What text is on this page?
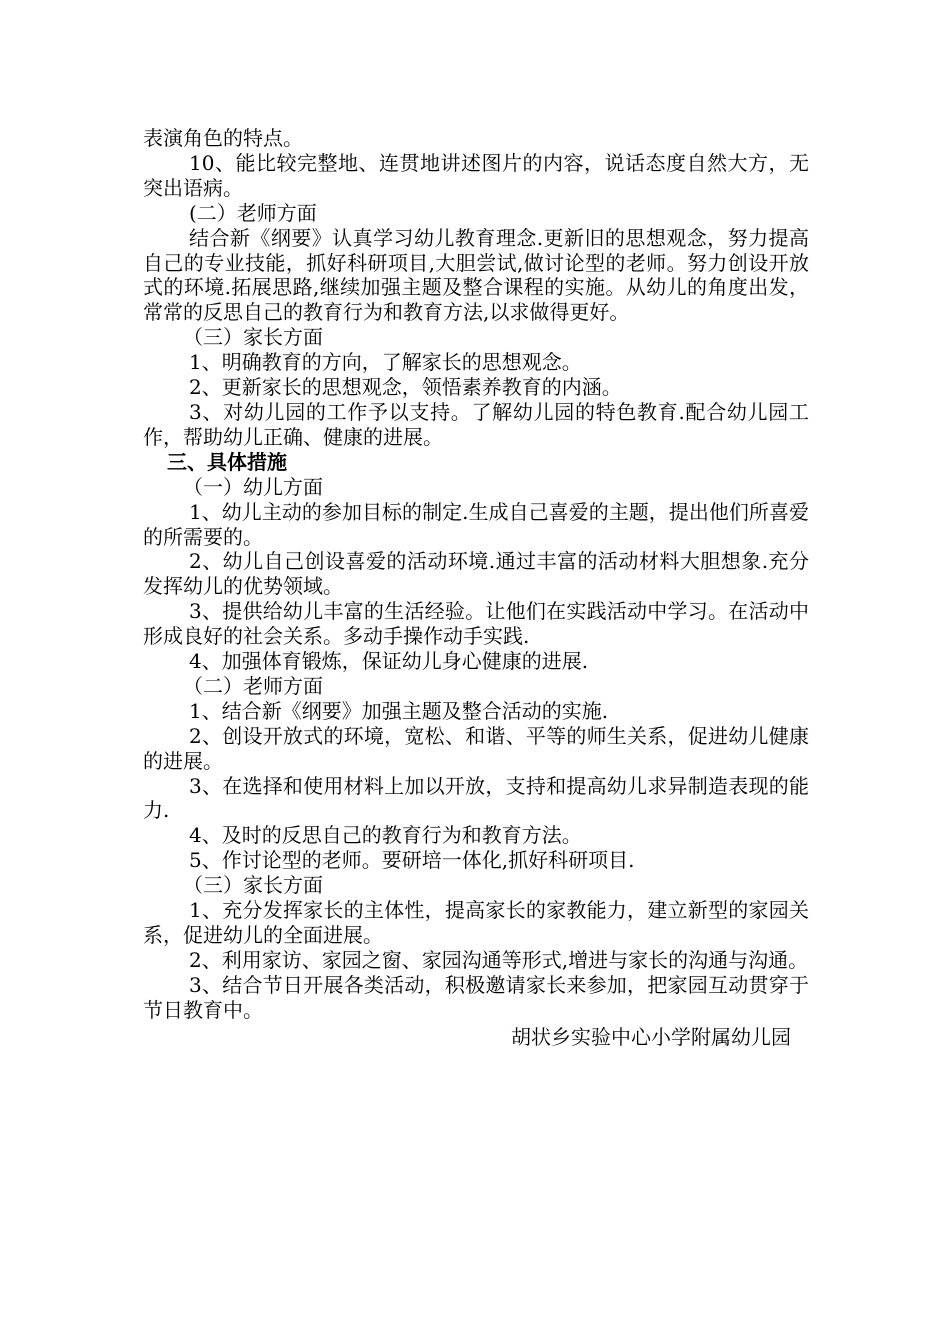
表演角色的特点。

10、能比较完整地、连贯地讲述图片的内容，说话态度自然大方，无突出语病。

(二）老师方面

结合新《纲要》认真学习幼儿教育理念.更新旧的思想观念，努力提高自己的专业技能，抓好科研项目,大胆尝试,做讨论型的老师。努力创设开放式的环境.拓展思路,继续加强主题及整合课程的实施。从幼儿的角度出发，常常的反思自己的教育行为和教育方法,以求做得更好。

（三）家长方面

1、明确教育的方向，了解家长的思想观念。

2、更新家长的思想观念，领悟素养教育的内涵。

3、对幼儿园的工作予以支持。了解幼儿园的特色教育.配合幼儿园工作，帮助幼儿正确、健康的进展。

三、具体措施

（一）幼儿方面

1、幼儿主动的参加目标的制定.生成自己喜爱的主题，提出他们所喜爱的所需要的。

2、幼儿自己创设喜爱的活动环境.通过丰富的活动材料大胆想象.充分发挥幼儿的优势领域。

3、提供给幼儿丰富的生活经验。让他们在实践活动中学习。在活动中形成良好的社会关系。多动手操作动手实践.

4、加强体育锻炼，保证幼儿身心健康的进展.

（二）老师方面

1、结合新《纲要》加强主题及整合活动的实施.

2、创设开放式的环境，宽松、和谐、平等的师生关系，促进幼儿健康的进展。

3、在选择和使用材料上加以开放，支持和提高幼儿求异制造表现的能力.

4、及时的反思自己的教育行为和教育方法。

5、作讨论型的老师。要研培一体化,抓好科研项目.

（三）家长方面

1、充分发挥家长的主体性，提高家长的家教能力，建立新型的家园关系，促进幼儿的全面进展。

2、利用家访、家园之窗、家园沟通等形式,增进与家长的沟通与沟通。

3、结合节日开展各类活动，积极邀请家长来参加，把家园互动贯穿于节日教育中。

胡状乡实验中心小学附属幼儿园
